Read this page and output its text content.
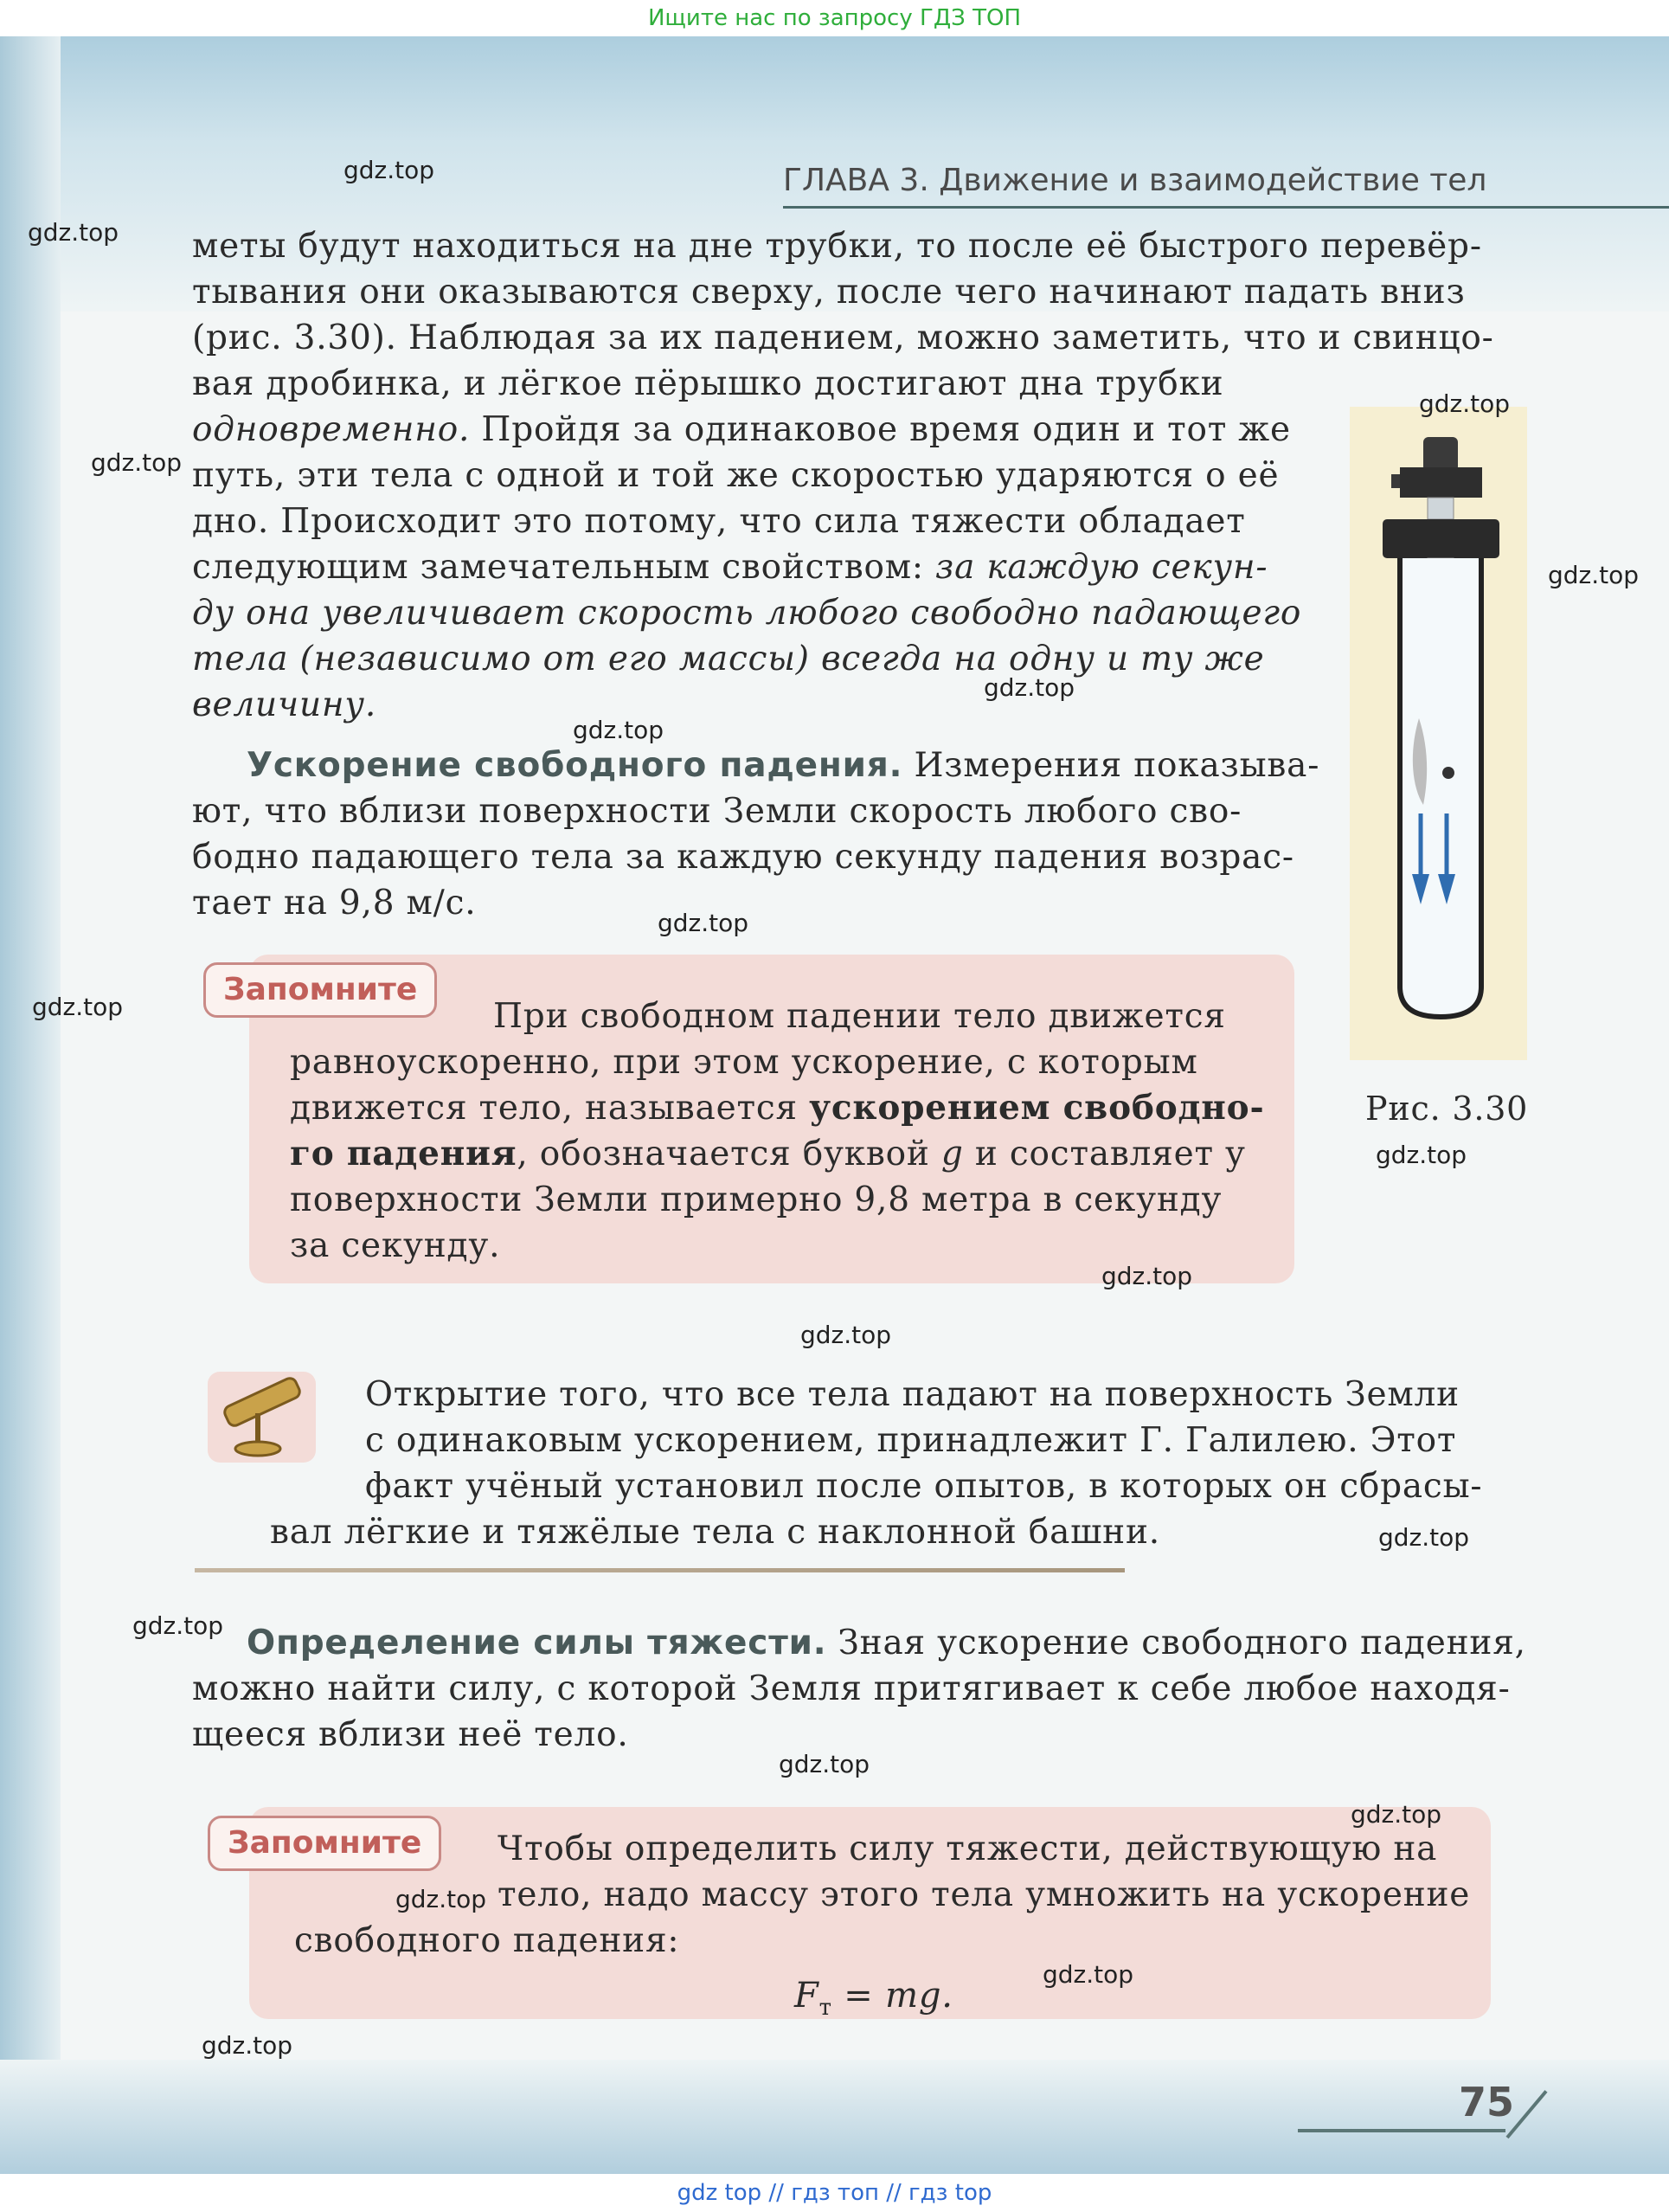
Ищите нас по запросу ГДЗ ТОП
ГЛАВА 3. Движение и взаимодействие тел
меты будут находиться на дне трубки, то после её быстрого перевёр-
тывания они оказываются сверху, после чего начинают падать вниз
(рис. 3.30). Наблюдая за их падением, можно заметить, что и свинцо-
вая дробинка, и лёгкое пёрышко достигают дна трубки
одновременно. Пройдя за одинаковое время один и тот же
путь, эти тела с одной и той же скоростью ударяются о её
дно. Происходит это потому, что сила тяжести обладает
следующим замечательным свойством: за каждую секун-
ду она увеличивает скорость любого свободно падающего
тела (независимо от его массы) всегда на одну и ту же
величину.
Ускорение свободного падения. Измерения показыва-
ют, что вблизи поверхности Земли скорость любого сво-
бодно падающего тела за каждую секунду падения возрас-
тает на 9,8 м/с.
Рис. 3.30
Запомните
При свободном падении тело движется
равноускоренно, при этом ускорение, с которым
движется тело, называется ускорением свободно-
го падения, обозначается буквой g и составляет у
поверхности Земли примерно 9,8 метра в секунду
за секунду.
Открытие того, что все тела падают на поверхность Земли
с одинаковым ускорением, принадлежит Г. Галилею. Этот
факт учёный установил после опытов, в которых он сбрасы-
вал лёгкие и тяжёлые тела с наклонной башни.
Определение силы тяжести. Зная ускорение свободного падения,
можно найти силу, с которой Земля притягивает к себе любое находя-
щееся вблизи неё тело.
Запомните	Чтобы определить силу тяжести, действующую на
тело, надо массу этого тела умножить на ускорение
свободного падения:
$F_т$ = mg.
75
gdz.top
gdz.top
gdz.top
gdz.top
gdz.top
gdz.top
gdz.top
gdz.top
gdz.top
gdz.top
gdz.top
gdz.top
gdz.top
gdz.top
gdz.top
gdz.top
gdz.top
gdz.top
gdz.top
gdz top // гдз топ // гдз top
